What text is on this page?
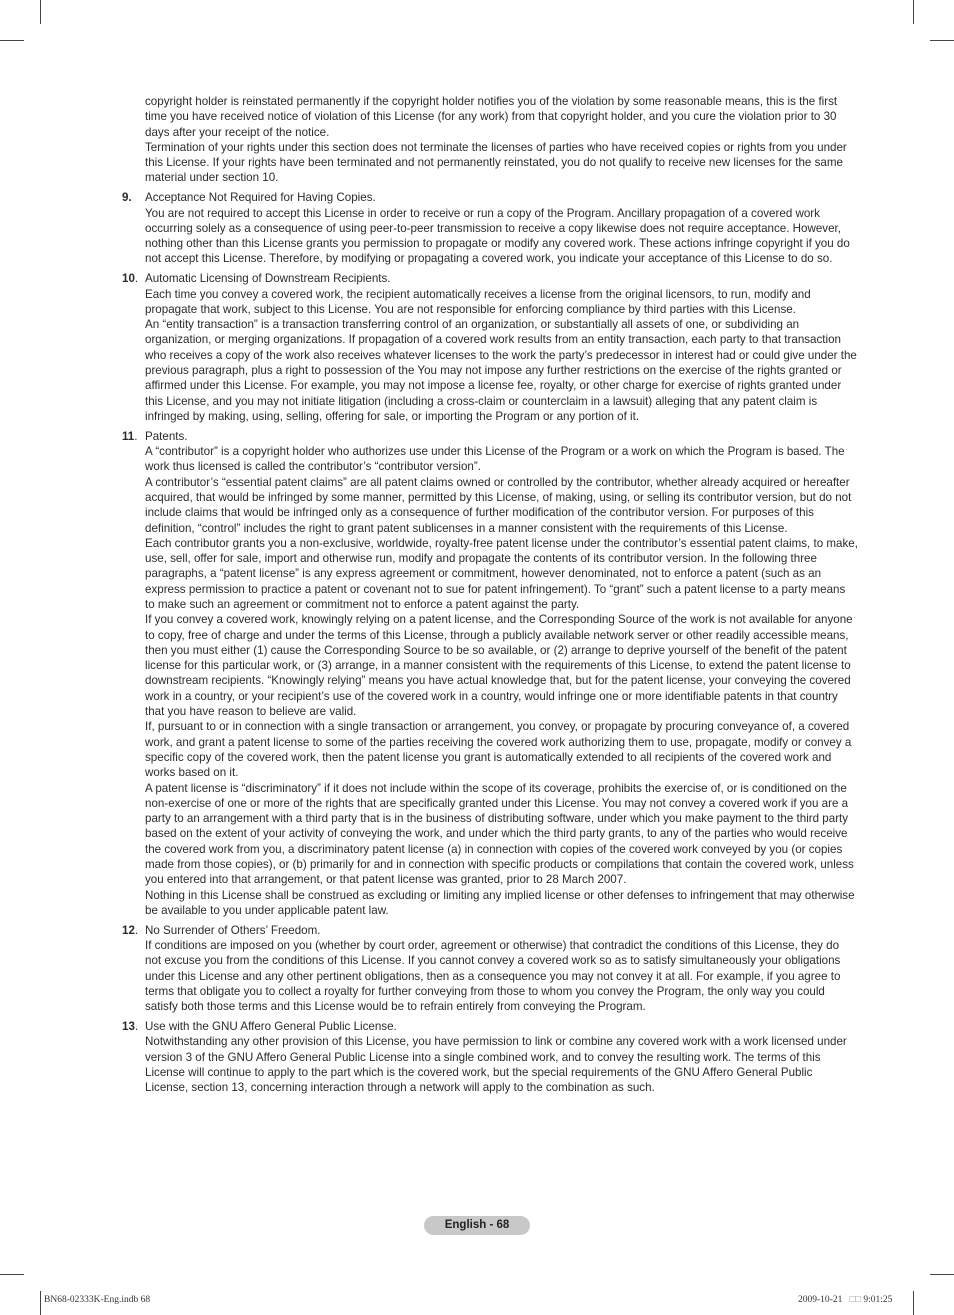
copyright holder is reinstated permanently if the copyright holder notifies you of the violation by some reasonable means, this is the first time you have received notice of violation of this License (for any work) from that copyright holder, and you cure the violation prior to 30 days after your receipt of the notice.

Termination of your rights under this section does not terminate the licenses of parties who have received copies or rights from you under this License. If your rights have been terminated and not permanently reinstated, you do not qualify to receive new licenses for the same material under section 10.

9. Acceptance Not Required for Having Copies.

You are not required to accept this License in order to receive or run a copy of the Program. Ancillary propagation of a covered work occurring solely as a consequence of using peer-to-peer transmission to receive a copy likewise does not require acceptance. However, nothing other than this License grants you permission to propagate or modify any covered work. These actions infringe copyright if you do not accept this License. Therefore, by modifying or propagating a covered work, you indicate your acceptance of this License to do so.

10. Automatic Licensing of Downstream Recipients.

Each time you convey a covered work, the recipient automatically receives a license from the original licensors, to run, modify and propagate that work, subject to this License. You are not responsible for enforcing compliance by third parties with this License.

An “entity transaction” is a transaction transferring control of an organization, or substantially all assets of one, or subdividing an organization, or merging organizations. If propagation of a covered work results from an entity transaction, each party to that transaction who receives a copy of the work also receives whatever licenses to the work the party’s predecessor in interest had or could give under the previous paragraph, plus a right to possession of the You may not impose any further restrictions on the exercise of the rights granted or affirmed under this License. For example, you may not impose a license fee, royalty, or other charge for exercise of rights granted under this License, and you may not initiate litigation (including a cross-claim or counterclaim in a lawsuit) alleging that any patent claim is infringed by making, using, selling, offering for sale, or importing the Program or any portion of it.

11. Patents.

A “contributor” is a copyright holder who authorizes use under this License of the Program or a work on which the Program is based. The work thus licensed is called the contributor’s “contributor version”.

A contributor’s “essential patent claims” are all patent claims owned or controlled by the contributor, whether already acquired or hereafter acquired, that would be infringed by some manner, permitted by this License, of making, using, or selling its contributor version, but do not include claims that would be infringed only as a consequence of further modification of the contributor version. For purposes of this definition, “control” includes the right to grant patent sublicenses in a manner consistent with the requirements of this License.

Each contributor grants you a non-exclusive, worldwide, royalty-free patent license under the contributor’s essential patent claims, to make, use, sell, offer for sale, import and otherwise run, modify and propagate the contents of its contributor version. In the following three paragraphs, a “patent license” is any express agreement or commitment, however denominated, not to enforce a patent (such as an express permission to practice a patent or covenant not to sue for patent infringement). To “grant” such a patent license to a party means to make such an agreement or commitment not to enforce a patent against the party.

If you convey a covered work, knowingly relying on a patent license, and the Corresponding Source of the work is not available for anyone to copy, free of charge and under the terms of this License, through a publicly available network server or other readily accessible means, then you must either (1) cause the Corresponding Source to be so available, or (2) arrange to deprive yourself of the benefit of the patent license for this particular work, or (3) arrange, in a manner consistent with the requirements of this License, to extend the patent license to downstream recipients. “Knowingly relying” means you have actual knowledge that, but for the patent license, your conveying the covered work in a country, or your recipient’s use of the covered work in a country, would infringe one or more identifiable patents in that country that you have reason to believe are valid.

If, pursuant to or in connection with a single transaction or arrangement, you convey, or propagate by procuring conveyance of, a covered work, and grant a patent license to some of the parties receiving the covered work authorizing them to use, propagate, modify or convey a specific copy of the covered work, then the patent license you grant is automatically extended to all recipients of the covered work and works based on it.

A patent license is “discriminatory” if it does not include within the scope of its coverage, prohibits the exercise of, or is conditioned on the non-exercise of one or more of the rights that are specifically granted under this License. You may not convey a covered work if you are a party to an arrangement with a third party that is in the business of distributing software, under which you make payment to the third party based on the extent of your activity of conveying the work, and under which the third party grants, to any of the parties who would receive the covered work from you, a discriminatory patent license (a) in connection with copies of the covered work conveyed by you (or copies made from those copies), or (b) primarily for and in connection with specific products or compilations that contain the covered work, unless you entered into that arrangement, or that patent license was granted, prior to 28 March 2007.

Nothing in this License shall be construed as excluding or limiting any implied license or other defenses to infringement that may otherwise be available to you under applicable patent law.

12. No Surrender of Others’ Freedom.

If conditions are imposed on you (whether by court order, agreement or otherwise) that contradict the conditions of this License, they do not excuse you from the conditions of this License. If you cannot convey a covered work so as to satisfy simultaneously your obligations under this License and any other pertinent obligations, then as a consequence you may not convey it at all. For example, if you agree to terms that obligate you to collect a royalty for further conveying from those to whom you convey the Program, the only way you could satisfy both those terms and this License would be to refrain entirely from conveying the Program.

13. Use with the GNU Affero General Public License.

Notwithstanding any other provision of this License, you have permission to link or combine any covered work with a work licensed under version 3 of the GNU Affero General Public License into a single combined work, and to convey the resulting work. The terms of this License will continue to apply to the part which is the covered work, but the special requirements of the GNU Affero General Public License, section 13, concerning interaction through a network will apply to the combination as such.

English - 68
BN68-02333K-Eng.indb 68	2009-10-21 □□ 9:01:25
